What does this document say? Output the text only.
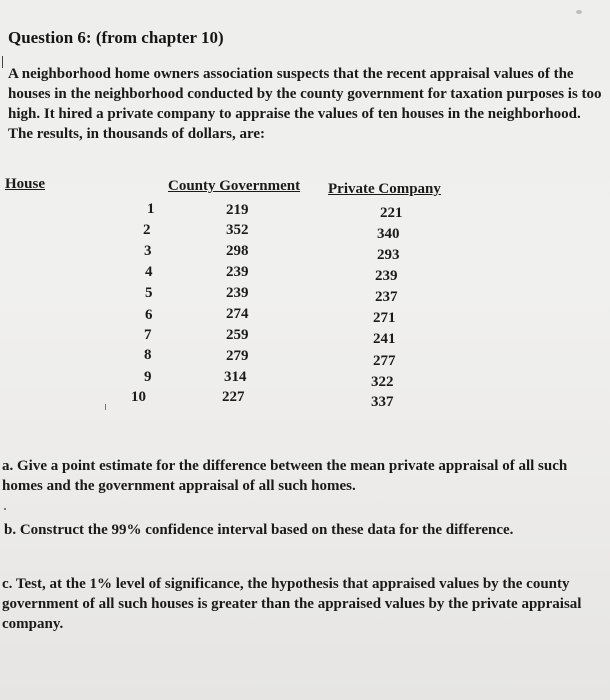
Question 6: (from chapter 10)
A neighborhood home owners association suspects that the recent appraisal values of the houses in the neighborhood conducted by the county government for taxation purposes is too high. It hired a private company to appraise the values of ten houses in the neighborhood. The results, in thousands of dollars, are:
House	County Government Private Company
1
2
3
4
5
6
7
8
9
10
219
352
298
239
239
274
259
279
314
227
221
340
293
239
237
271
241
277
322
337
a. Give a point estimate for the difference between the mean private appraisal of all such homes and the government appraisal of all such homes.
b. Construct the 99% confidence interval based on these data for the difference.
c. Test, at the 1% level of significance, the hypothesis that appraised values by the county government of all such houses is greater than the appraised values by the private appraisal company.
